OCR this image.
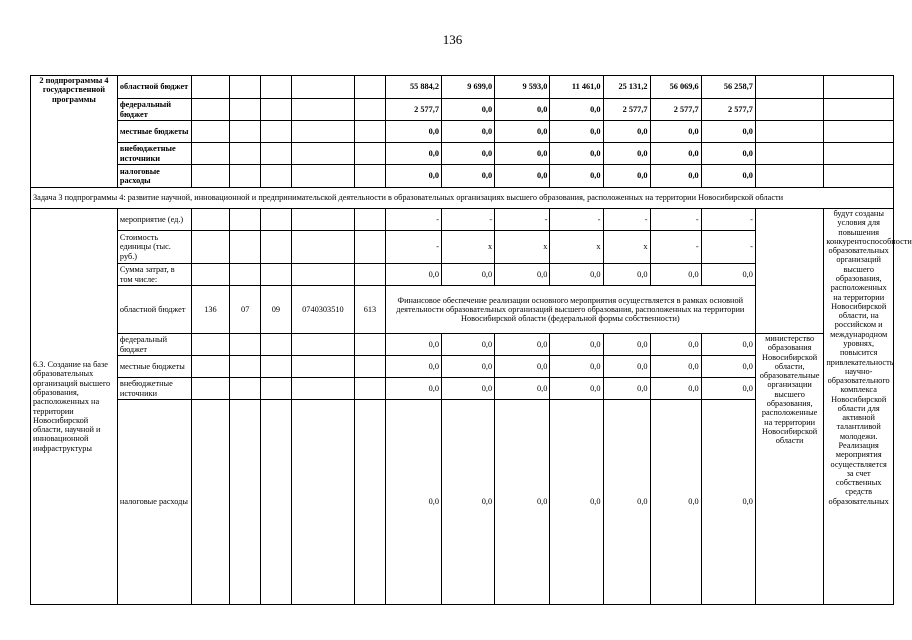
136
2 подпрограммы 4 государственной программы	областной бюджет						55 884,2	9 699,0	9 593,0	11 461,0	25 131,2	56 069,6	56 258,7		
	федеральный бюджет						2 577,7	0,0	0,0	0,0	2 577,7	2 577,7	2 577,7		
	местные бюджеты						0,0	0,0	0,0	0,0	0,0	0,0	0,0		
	внебюджетные источники						0,0	0,0	0,0	0,0	0,0	0,0	0,0		
	налоговые расходы						0,0	0,0	0,0	0,0	0,0	0,0	0,0		
Задача 3 подпрограммы 4: развитие научной, инновационной и предпринимательской деятельности в образовательных организациях высшего образования, расположенных на территории Новосибирской области															
6.3. Создание на базе образовательных организаций высшего образования, расположенных на территории Новосибирской области, научной и инновационной инфраструктуры	мероприятие (ед.)						-	-	-	-	-	-	-		будут созданы условия для повышения конкурентоспособности образовательных организаций высшего образования, расположенных на территории Новосибирской области, на российском и международном уровнях, повысится привлекательность научно-образовательного комплекса Новосибирской области для активной талантливой молодежи. Реализация мероприятия осуществляется за счет собственных средств образовательных
	Стоимость единицы (тыс. руб.)						-	х	х	х	х	-	-		
	Сумма затрат, в том числе:						0,0	0,0	0,0	0,0	0,0	0,0	0,0		
	областной бюджет	136	07	09	0740303510	613	Финансовое обеспечение реализации основного мероприятия осуществляется в рамках основной деятельности образовательных организаций высшего образования, расположенных на территории Новосибирской области (федеральной формы собственности)								
	федеральный бюджет						0,0	0,0	0,0	0,0	0,0	0,0	0,0	министерство образования Новосибирской области, образовательные организации высшего образования, расположенные на территории Новосибирской области	
	местные бюджеты						0,0	0,0	0,0	0,0	0,0	0,0	0,0		
	внебюджетные источники						0,0	0,0	0,0	0,0	0,0	0,0	0,0		
	налоговые расходы						0,0	0,0	0,0	0,0	0,0	0,0	0,0		
